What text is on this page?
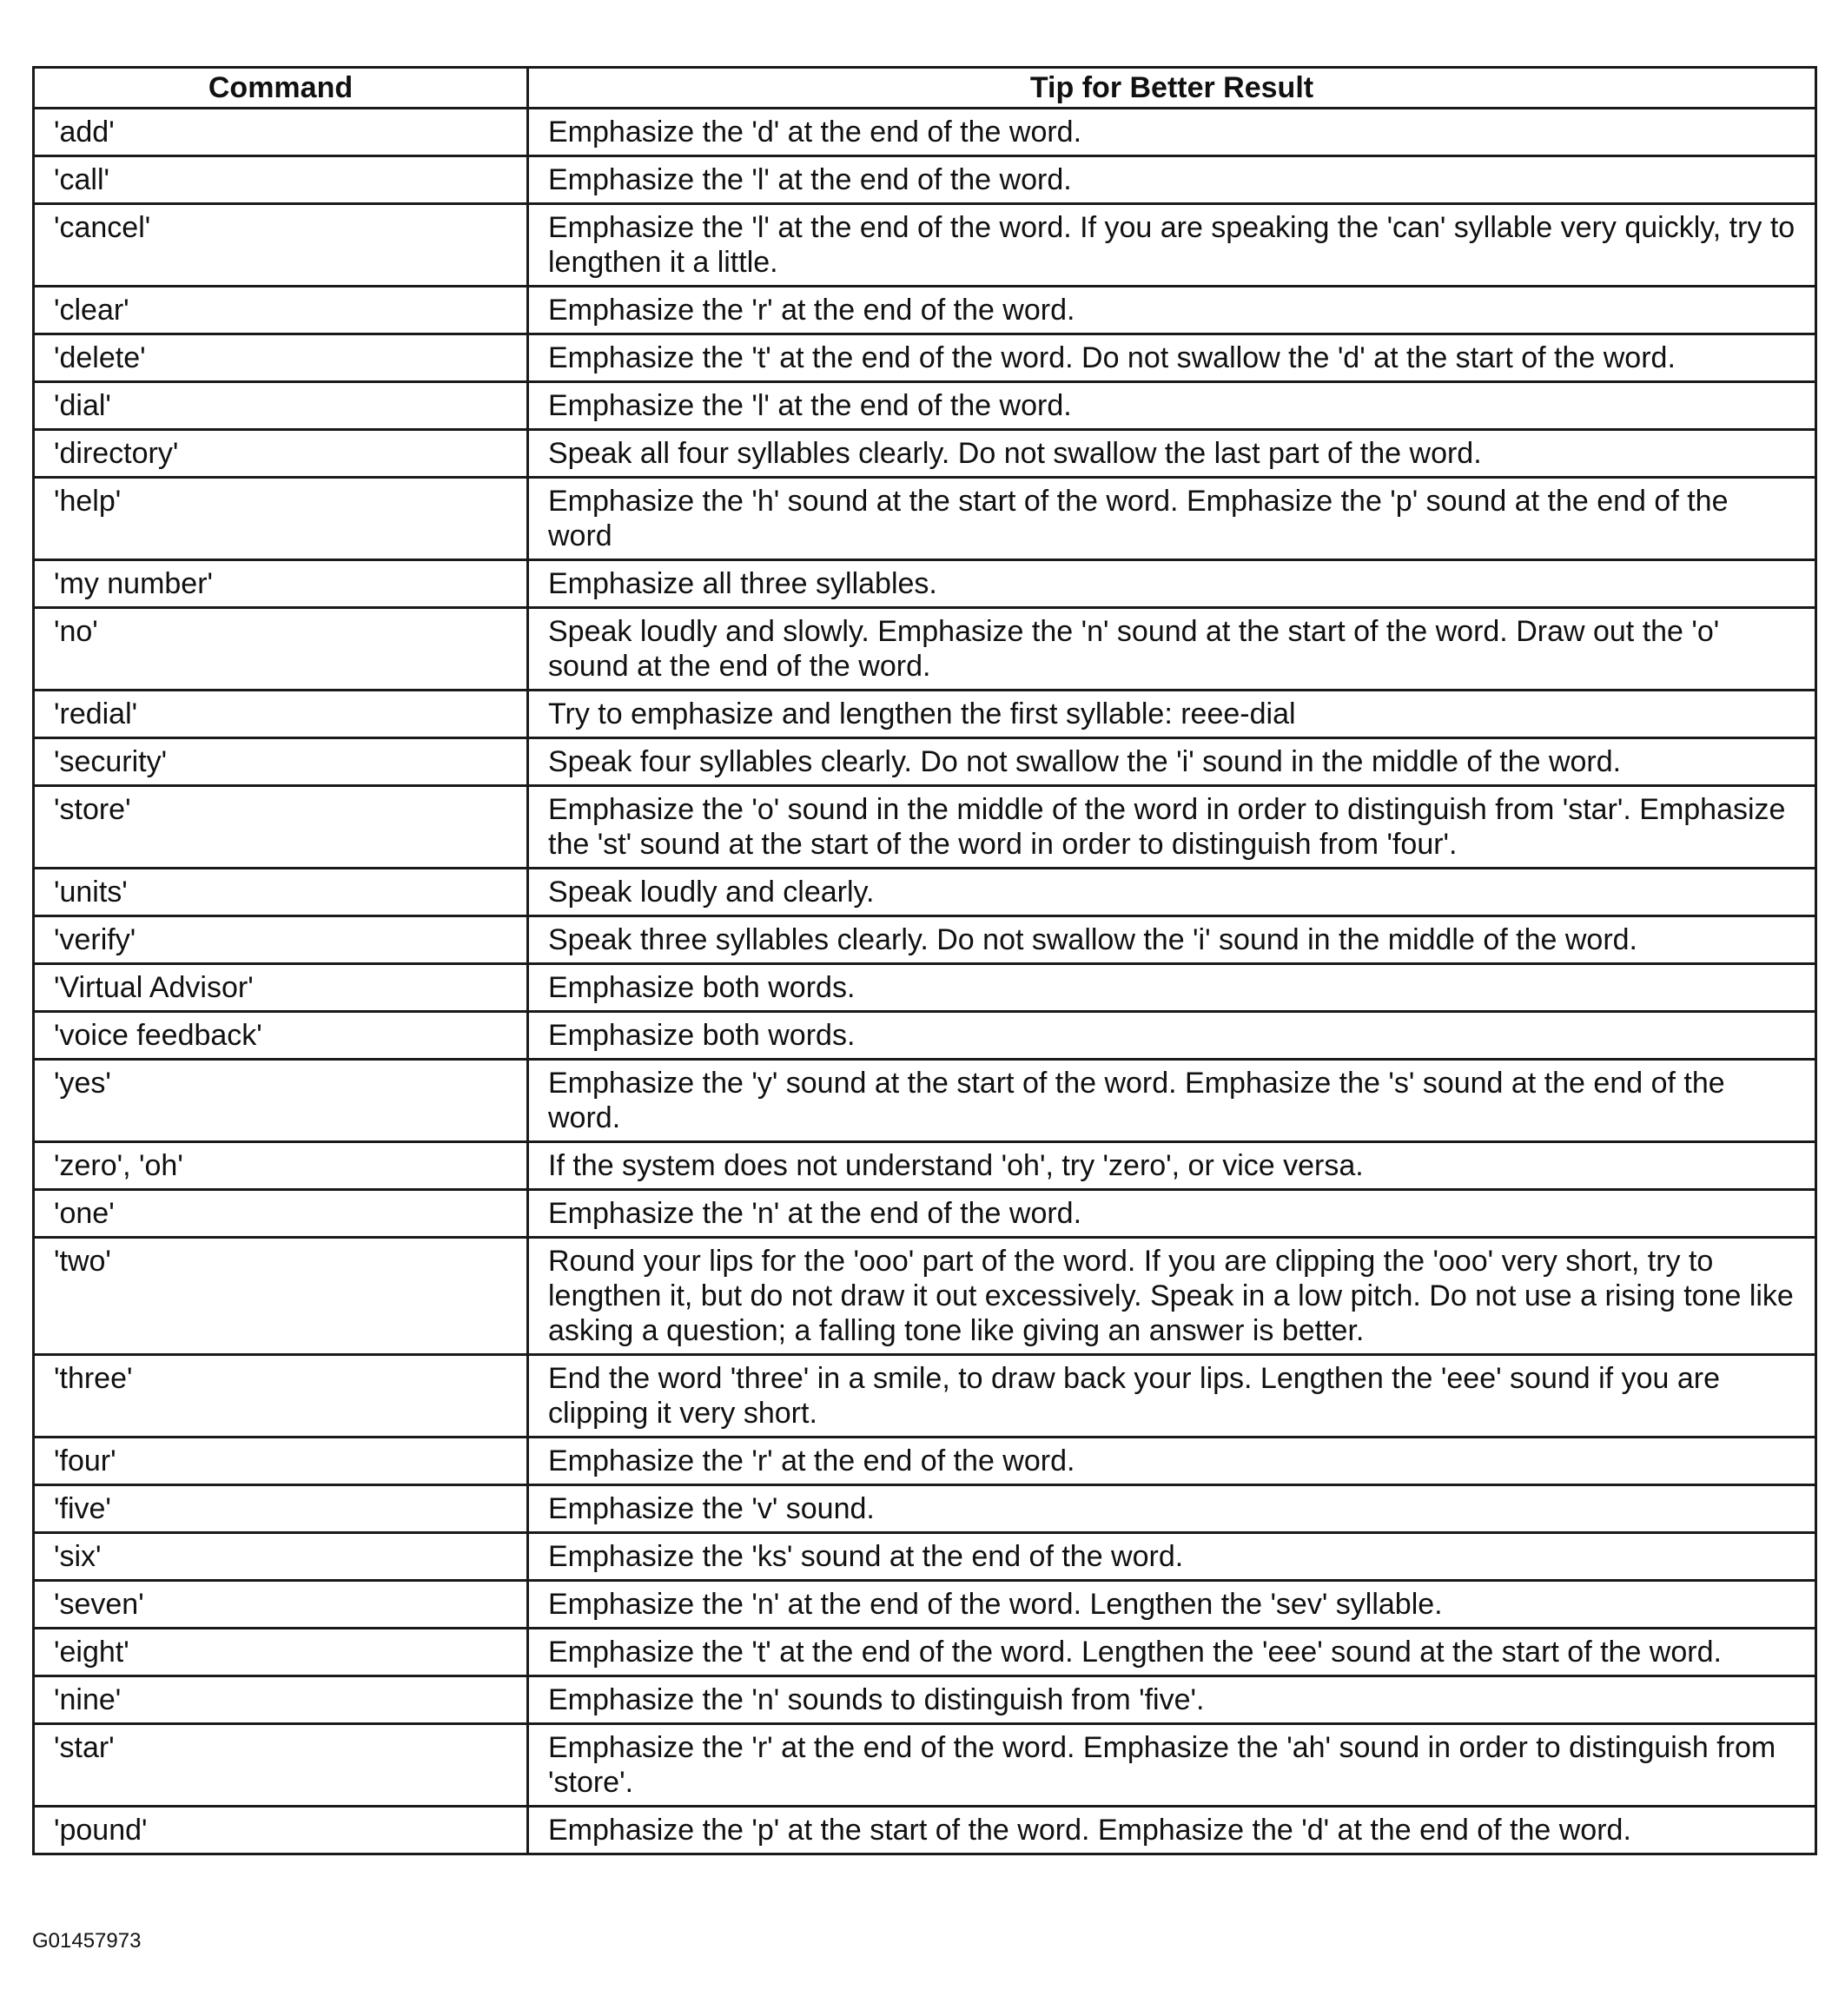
Command	Tip for Better Result
'add'	Emphasize the 'd' at the end of the word.
'call'	Emphasize the 'l' at the end of the word.
'cancel'	Emphasize the 'l' at the end of the word. If you are speaking the 'can' syllable very quickly, try to lengthen it a little.
'clear'	Emphasize the 'r' at the end of the word.
'delete'	Emphasize the 't' at the end of the word. Do not swallow the 'd' at the start of the word.
'dial'	Emphasize the 'l' at the end of the word.
'directory'	Speak all four syllables clearly. Do not swallow the last part of the word.
'help'	Emphasize the 'h' sound at the start of the word. Emphasize the 'p' sound at the end of the word
'my number'	Emphasize all three syllables.
'no'	Speak loudly and slowly. Emphasize the 'n' sound at the start of the word. Draw out the 'o' sound at the end of the word.
'redial'	Try to emphasize and lengthen the first syllable: reee-dial
'security'	Speak four syllables clearly. Do not swallow the 'i' sound in the middle of the word.
'store'	Emphasize the 'o' sound in the middle of the word in order to distinguish from 'star'. Emphasize the 'st' sound at the start of the word in order to distinguish from 'four'.
'units'	Speak loudly and clearly.
'verify'	Speak three syllables clearly. Do not swallow the 'i' sound in the middle of the word.
'Virtual Advisor'	Emphasize both words.
'voice feedback'	Emphasize both words.
'yes'	Emphasize the 'y' sound at the start of the word. Emphasize the 's' sound at the end of the word.
'zero', 'oh'	If the system does not understand 'oh', try 'zero', or vice versa.
'one'	Emphasize the 'n' at the end of the word.
'two'	Round your lips for the 'ooo' part of the word. If you are clipping the 'ooo' very short, try to lengthen it, but do not draw it out excessively. Speak in a low pitch. Do not use a rising tone like asking a question; a falling tone like giving an answer is better.
'three'	End the word 'three' in a smile, to draw back your lips. Lengthen the 'eee' sound if you are clipping it very short.
'four'	Emphasize the 'r' at the end of the word.
'five'	Emphasize the 'v' sound.
'six'	Emphasize the 'ks' sound at the end of the word.
'seven'	Emphasize the 'n' at the end of the word. Lengthen the 'sev' syllable.
'eight'	Emphasize the 't' at the end of the word. Lengthen the 'eee' sound at the start of the word.
'nine'	Emphasize the 'n' sounds to distinguish from 'five'.
'star'	Emphasize the 'r' at the end of the word. Emphasize the 'ah' sound in order to distinguish from 'store'.
'pound'	Emphasize the 'p' at the start of the word. Emphasize the 'd' at the end of the word.
G01457973
